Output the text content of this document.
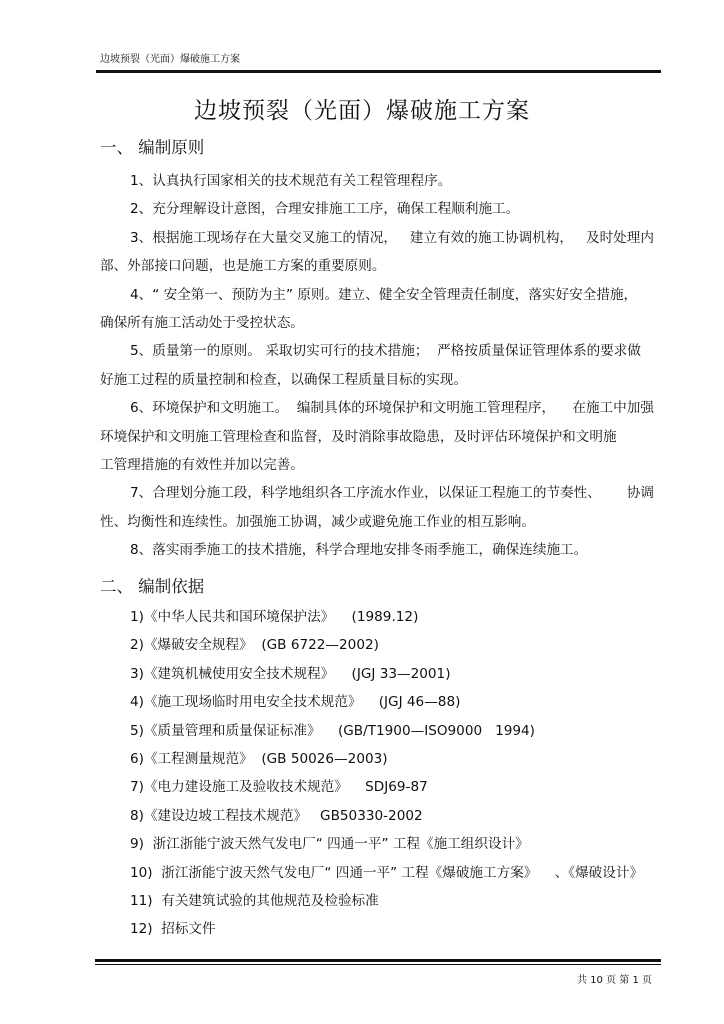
边坡预裂（光面）爆破施工方案
边坡预裂（光面）爆破施工方案
一、 编制原则
1、认真执行国家相关的技术规范有关工程管理程序。
2、充分理解设计意图，合理安排施工工序，确保工程顺利施工。
3、根据施工现场存在大量交叉施工的情况，   建立有效的施工协调机构，   及时处理内
部、外部接口问题，也是施工方案的重要原则。
4、“ 安全第一、预防为主” 原则。建立、健全安全管理责任制度，落实好安全措施，
确保所有施工活动处于受控状态。
5、质量第一的原则。 采取切实可行的技术措施；  严格按质量保证管理体系的要求做
好施工过程的质量控制和检查，以确保工程质量目标的实现。
6、环境保护和文明施工。  编制具体的环境保护和文明施工管理程序，    在施工中加强
环境保护和文明施工管理检查和监督，及时消除事故隐患，及时评估环境保护和文明施
工管理措施的有效性并加以完善。
7、合理划分施工段，科学地组织各工序流水作业，以保证工程施工的节奏性、      协调
性、均衡性和连续性。加强施工协调，减少或避免施工作业的相互影响。
8、落实雨季施工的技术措施，科学合理地安排冬雨季施工，确保连续施工。
二、 编制依据
1)《中华人民共和国环境保护法》    (1989.12)
2)《爆破安全规程》  (GB 6722—2002)
3)《建筑机械使用安全技术规程》    (JGJ 33—2001)
4)《施工现场临时用电安全技术规范》    (JGJ 46—88)
5)《质量管理和质量保证标准》    (GB/T1900—ISO9000   1994)
6)《工程测量规范》  (GB 50026—2003)
7)《电力建设施工及验收技术规范》    SDJ69-87
8)《建设边坡工程技术规范》   GB50330-2002
9)  浙江浙能宁波天然气发电厂“ 四通一平” 工程《施工组织设计》
10)  浙江浙能宁波天然气发电厂“ 四通一平” 工程《爆破施工方案》    、《爆破设计》
11)  有关建筑试验的其他规范及检验标准
12)  招标文件
共 10 页 第 1 页
